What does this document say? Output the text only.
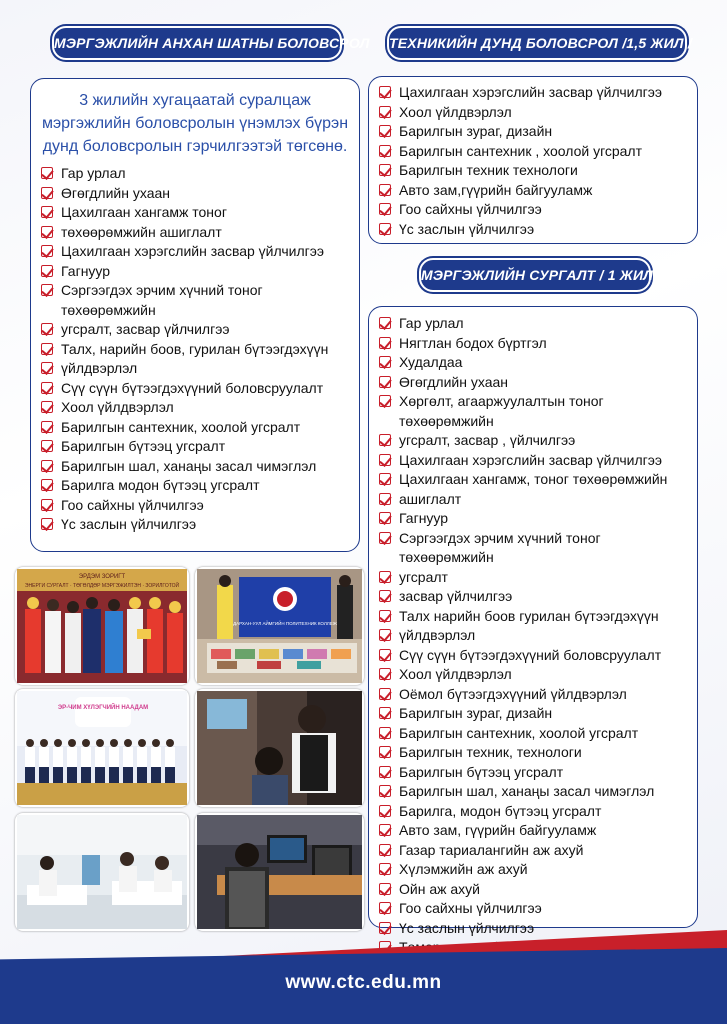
МЭРГЭЖЛИЙН АНХАН ШАТНЫ БОЛОВСРОЛ
3 жилийн хугацаатай суралцаж мэргэжлийн боловсролын үнэмлэх бүрэн дунд боловсролын гэрчилгээтэй төгсөнө.
Гар урлал
Өгөгдлийн ухаан
Цахилгаан хангамж тоног
төхөөрөмжийн ашиглалт
Цахилгаан хэрэгслийн засвар үйлчилгээ
Гагнуур
Сэргээгдэх эрчим хүчний тоног төхөөрөмжийн
угсралт, засвар үйлчилгээ
Талх, нарийн боов, гурилан бүтээгдэхүүн
үйлдвэрлэл
Сүү сүүн бүтээгдэхүүний боловсруулалт
Хоол үйлдвэрлэл
Барилгын сантехник, хоолой угсралт
Барилгын бүтээц угсралт
Барилгын шал, ханаңы засал чимэглэл
Барилга модон бүтээц угсралт
Гоо сайхны үйлчилгээ
Үс заслын үйлчилгээ
ЭРДЭМ ЗОРИГТ
ЭНЕРГИ СУРГАЛТ · ТӨГӨЛДӨР МЭРГЭЖИЛТЭН · ЗОРИЛГОТОЙ
ДАРХАН-УУЛ АЙМГИЙН ПОЛИТЕХНИК КОЛЛЕЖ
ЭР-ЧИМ ХҮЛЭГЧИЙН НААДАМ
ТЕХНИКИЙН ДУНД БОЛОВСРОЛ /1,5 ЖИЛ /
Цахилгаан хэрэгслийн засвар үйлчилгээ
Хоол үйлдвэрлэл
Барилгын зураг, дизайн
Барилгын сантехник , хоолой угсралт
Барилгын техник технологи
Авто зам,гүүрийн байгууламж
Гоо сайхны үйлчилгээ
Үс заслын үйлчилгээ
МЭРГЭЖЛИЙН СУРГАЛТ / 1 ЖИЛ /
Гар урлал
Нягтлан бодох бүртгэл
Худалдаа
Өгөгдлийн ухаан
Хөргөлт, агааржуулалтын тоног төхөөрөмжийн
угсралт, засвар , үйлчилгээ
Цахилгаан хэрэгслийн засвар үйлчилгээ
Цахилгаан хангамж, тоног төхөөрөмжийн
ашиглалт
Гагнуур
Сэргээгдэх эрчим хүчний тоног төхөөрөмжийн
угсралт
засвар үйлчилгээ
Талх нарийн боов гурилан бүтээгдэхүүн
үйлдвэрлэл
Сүү сүүн бүтээгдэхүүний боловсруулалт
Хоол үйлдвэрлэл
Оёмол бүтээгдэхүүний үйлдвэрлэл
Барилгын зураг, дизайн
Барилгын сантехник, хоолой угсралт
Барилгын техник, технологи
Барилгын бүтээц угсралт
Барилгын шал, ханаңы засал чимэглэл
Барилга, модон бүтээц угсралт
Авто зам, гүүрийн байгууламж
Газар тариалангийн аж ахуй
Хүлэмжийн аж ахуй
Ойн аж ахуй
Гоо сайхны үйлчилгээ
Үс заслын үйлчилгээ
www.ctc.edu.mn
